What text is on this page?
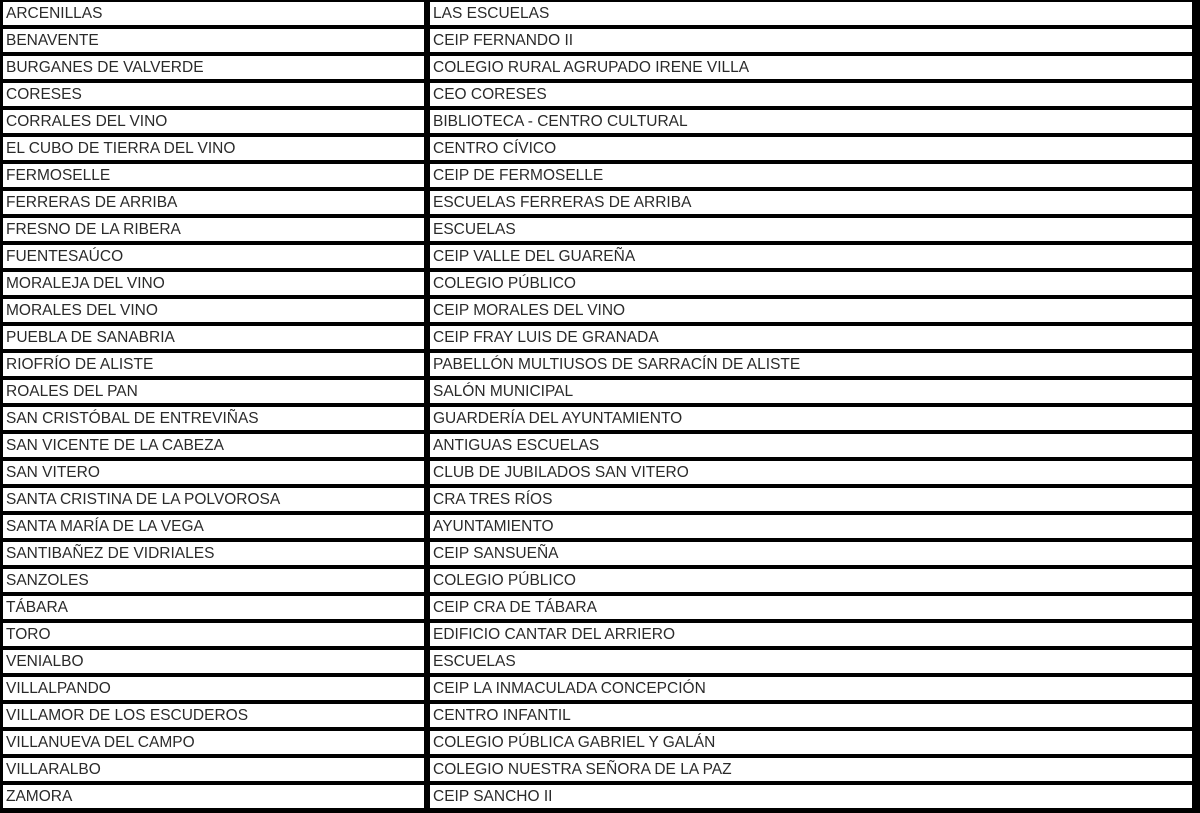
ARCENILLAS	LAS ESCUELAS
BENAVENTE	CEIP FERNANDO II
BURGANES DE VALVERDE	COLEGIO RURAL AGRUPADO IRENE VILLA
CORESES	CEO CORESES
CORRALES DEL VINO	BIBLIOTECA - CENTRO CULTURAL
EL CUBO DE TIERRA DEL VINO	CENTRO CÍVICO
FERMOSELLE	CEIP DE FERMOSELLE
FERRERAS DE ARRIBA	ESCUELAS FERRERAS DE ARRIBA
FRESNO DE LA RIBERA	ESCUELAS
FUENTESAÚCO	CEIP VALLE DEL GUAREÑA
MORALEJA DEL VINO	COLEGIO PÚBLICO
MORALES DEL VINO	CEIP MORALES DEL VINO
PUEBLA DE SANABRIA	CEIP FRAY LUIS DE GRANADA
RIOFRÍO DE ALISTE	PABELLÓN MULTIUSOS DE SARRACÍN DE ALISTE
ROALES DEL PAN	SALÓN MUNICIPAL
SAN CRISTÓBAL DE ENTREVIÑAS	GUARDERÍA DEL AYUNTAMIENTO
SAN VICENTE DE LA CABEZA	ANTIGUAS ESCUELAS
SAN VITERO	CLUB DE JUBILADOS SAN VITERO
SANTA CRISTINA DE LA POLVOROSA	CRA TRES RÍOS
SANTA MARÍA DE LA VEGA	AYUNTAMIENTO
SANTIBAÑEZ DE VIDRIALES	CEIP SANSUEÑA
SANZOLES	COLEGIO PÚBLICO
TÁBARA	CEIP CRA DE TÁBARA
TORO	EDIFICIO CANTAR DEL ARRIERO
VENIALBO	ESCUELAS
VILLALPANDO	CEIP LA INMACULADA CONCEPCIÓN
VILLAMOR DE LOS ESCUDEROS	CENTRO INFANTIL
VILLANUEVA DEL CAMPO	COLEGIO PÚBLICA GABRIEL Y GALÁN
VILLARALBO	COLEGIO NUESTRA SEÑORA DE LA PAZ
ZAMORA	CEIP SANCHO II
